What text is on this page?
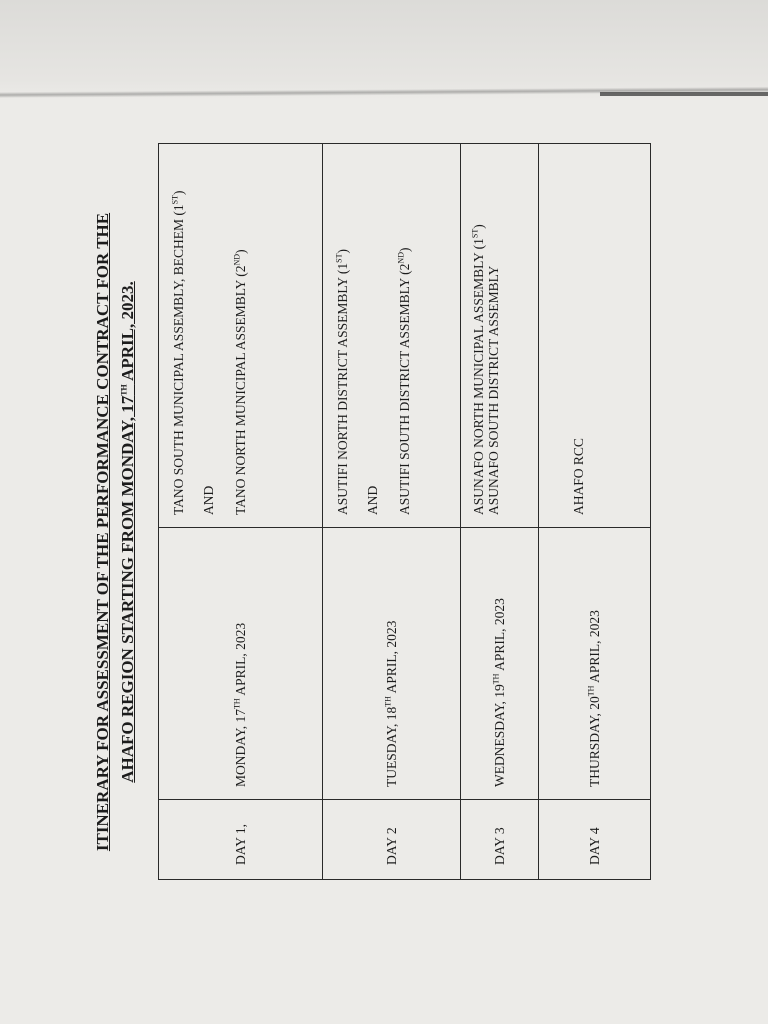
ITINERARY FOR ASSESSMENT OF THE PERFORMANCE CONTRACT FOR THE AHAFO REGION STARTING FROM MONDAY, 17TH APRIL, 2023.
DAY 1,	MONDAY, 17TH APRIL, 2023	TANO SOUTH MUNICIPAL ASSEMBLY, BECHEM (1ST)
AND TANO NORTH MUNICIPAL ASSEMBLY (2ND)

DAY 2	TUESDAY, 18TH APRIL, 2023	ASUTIFI NORTH DISTRICT ASSEMBLY (1ST)
AND ASUTIFI SOUTH DISTRICT ASSEMBLY (2ND)

DAY 3	WEDNESDAY, 19TH APRIL, 2023	ASUNAFO NORTH MUNICIPAL ASSEMBLY (1ST)
ASUNAFO SOUTH DISTRICT ASSEMBLY

DAY 4	THURSDAY, 20TH APRIL, 2023	AHAFO RCC
